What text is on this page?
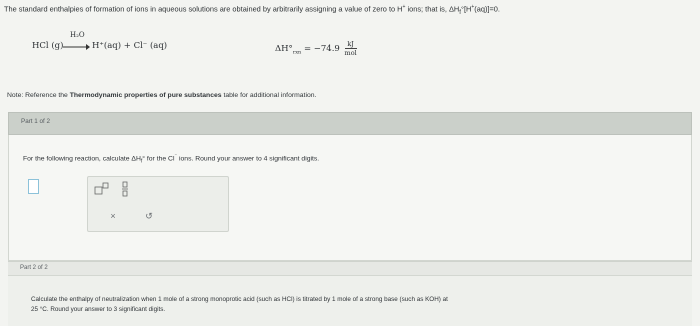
The standard enthalpies of formation of ions in aqueous solutions are obtained by arbitrarily assigning a value of zero to H+ ions; that is, $\Delta H_f^\circ[H^+(aq)]=0$.
HCl (g)
H₂O
→ H⁺(aq) + Cl⁻ (aq)	$\Delta H^\circ_{rxn} = -74.9 \frac{kJ}{\text{mol}}$
Note: Reference the Thermodynamic properties of pure substances table for additional information.
Part 1 of 2
For the following reaction, calculate $\Delta H_f^\circ$ for the Cl⁻ ions. Round your answer to 4 significant digits.
×	↺
Part 2 of 2
Calculate the enthalpy of neutralization when 1 mole of a strong monoprotic acid (such as HCl) is titrated by 1 mole of a strong base (such as KOH) at
25 °C. Round your answer to 3 significant digits.
